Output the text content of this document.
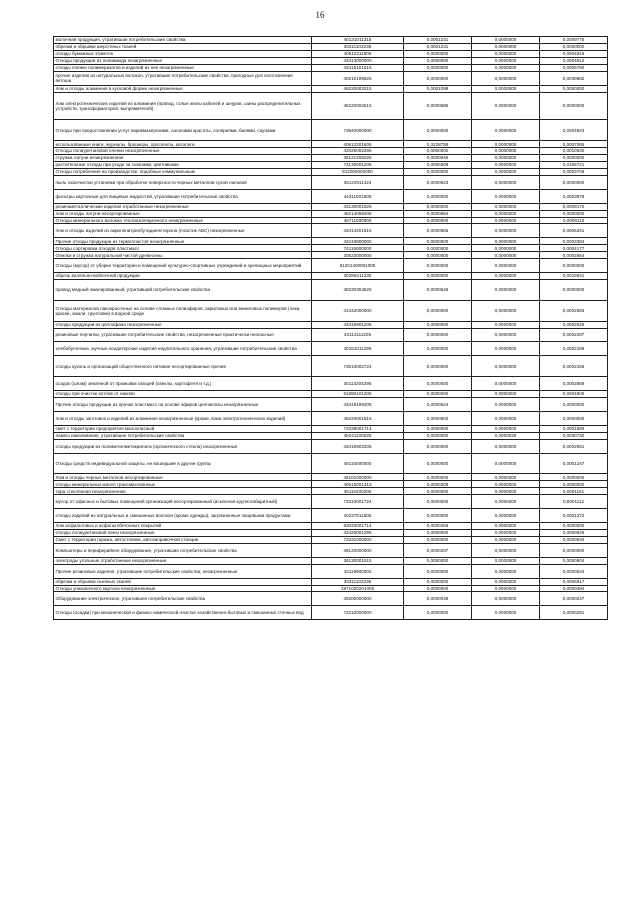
16
молочная продукция, утратившая потребительские свойства	40131011315	0,0001231	0,0000000	0,0009775
обрезки и обрывки шерстяных тканей	30311102235	0,0001231	0,0000000	0,0000000
отходы бумажных этикеток	40512211605	0,0000000	0,0000000	0,0004916
Отходы продукции из полиамида незагрязненные	43413000000	0,0000000	0,0000000	0,0004612
отходы пленки полимеризатов и изделий из нее незагрязненные	43415101515	0,0000000	0,0000000	0,0005780
прочие изделия из натуральных волокон, утратившие потребительские свойства, пригодные для изготовления ветоши	40210199625	0,0000000	0,0000000	0,0039662
лом и отходы алюминия в кусковой форме незагрязненные	46220003215	0,0001098	0,0000000	0,0000000
лом электротехнических изделий из алюминия (провод, голые жилы кабелей и шнуров, шины распределительных устройств, трансформаторов, выпрямителей)	46220002515	0,0000585	0,0000000	0,0000000
Отходы при предоставлении услуг парикмахерскими, салонами красоты, соляриями, банями, саунами	73940000000	0,0000000	0,0000000	0,0004923
использованные книги, журналы, брошюры, проспекты, каталоги	40512201605	0,3228759	0,0000000	0,0007065
Отходы полиуретановой пленки незагрязненные	43425002295	0,0000000	0,0000000	0,0010630
стружка латуни незагрязненная	36121206225	0,0000946	0,0000000	0,0000000
растительные отходы при уходе за газонами, цветниками	73130001205	0,0000308	0,0000000	0,0156721
Отходы потребления на производстве, подобные коммунальным	812000000000	0,0000000	0,0000000	0,0003706
пыль газоочистки установки при обработке поверхности черных металлов сухой лаповой	36122911424	0,0000623	0,0000000	0,0000000
фильтры картонные для пищевых жидкостей, утратившие потребительские свойства	44311001605	0,0000000	0,0000000	0,0003878
резинометаллические изделия отработанные незагрязненные	43130001525	0,0000000	0,0000000	0,0009170
лом и отходы латуни несортированные	46214059205	0,0000654	0,0000000	0,0000000
Отходы минерального волокна теплоизоляционного незагрязненные	45711000000	0,0000000	0,0000000	0,0009113
лом и отходы изделий из акрилонитрилбутадиенстирола (пластик АБС) незагрязненные	43414201515	0,0000655	0,0000000	0,0005341
Прочие отходы продукции из термопластов незагрязненные	43419900000	0,0000000	0,0000000	0,0003384
Отходы сортировки отходов пластмасс	74115000000	0,0000000	0,0000000	0,0004177
Опилки и стружка натуральной чистой древесины	30523000000	0,0000000	0,0000000	0,0002564
Отходы (мусор) от уборки территории и помещений культурно-спортивных учреждений и зрелищных мероприятий	91201400001005	0,0000000	0,0000000	0,0000000
обрезь валяльно-войлочной продукции	30299211235	0,0000000	0,0000000	0,0018841
провод медный эмалированный, утративший потребительские свойства	48230304525	0,0000546	0,0000000	0,0000000
Отходы материалов лакокрасочных на основе сложных полиэфиров, акриловых или виниловых полимеров (лаки, краски, эмали, грунтовки) в водной среде	41442000000	0,0000000	0,0000000	0,0002683
отходы продукции из целлофана незагрязненные	43419901205	0,0000000	0,0000000	0,0002525
резиновые перчатки, утратившие потребительские свойства, незагрязненные практически неопасные	43114111205	0,0000000	0,0000000	0,0002287
хлебобулочные, мучные кондитерские изделия недлительного хранения, утратившие потребительские свойства	40151011295	0,0000000	0,0000000	0,0002189
отходы кухонь и организаций общественного питания несортированные прочие	73610002724	0,0000000	0,0000000	0,0002156
осадок (шлам) земляной от промывки овощей (свеклы, картофеля и т.д.)	30113204295	0,0000000	0,0000000	0,0002859
отходы при очистке котлов от накипи	61890101205	0,0000000	0,0000000	0,0004506
Прочие отходы продукции из прочих пластмасс на основе эфиров целлюлозы незагрязненные	43419199205	0,0000524	0,0000000	0,0000000
лом и отходы заготовок и изделий из алюминия незагрязненные (кроме лома электротехнических изделий)	46220001515	0,0000502	0,0000000	0,0000000
смет с территории предприятия малоопасный	73339001714	0,0000000	0,0000000	0,0001680
лампы накаливания, утратившие потребительские свойства	48241100525	0,0000000	0,0000028	0,0030730
отходы продукции из полиметилметакрилата (органического стекла) незагрязненные	43419902205	0,0000000	0,0000000	0,0002681
Отходы средств индивидуальной защиты, не вошедшие в другие группы	49110000000	0,0000000	0,0000000	0,0001247
Лом и отходы черных металлов несортированные	46101000000	0,0000000	0,0000000	0,0000000
отходы минеральных масел трансмиссионных	40615001313	0,0000308	0,0000000	0,0000000
тара стеклянная незагрязненная	45110200205	0,0000000	0,0000000	0,0001161
мусор от офисных и бытовых помещений организаций несортированный (исключая крупногабаритный)	73310001724	0,0000000	0,0000000	0,0001112
отходы изделий из натуральных и смешанных волокон (кроме одежды), загрязненные пищевыми продуктами	40237511605	0,0000000	0,0000000	0,0001272
лом асфальтовых и асфальтобетонных покрытий	83020001714	0,0000256	0,0000000	0,0000000
отходы полиуретановой пены незагрязненные	43425001295	0,0000000	0,0000000	0,0000926
Смет с территории гаража, автостоянки, автозаправочной станции	73331000000	0,0000000	0,0000000	0,0000934
Компьютеры и периферийное оборудование, утратившие потребительские свойства	48120000000	0,0000297	0,0000000	0,0000000
электроды угольные отработанные незагрязненные	36130001515	0,0000000	0,0000000	0,0000604
Прочие резиновые изделия, утратившие потребительские свойства, незагрязненные	43119900000	0,0000000	0,0000000	0,0000534
обрезки и обрывки льняных тканей	30311102235	0,0000000	0,0000000	0,0006917
Отходы упаковочного картона незагрязненные	1871020201005	0,0000000	0,0000000	0,0000494
Оборудование электрическое, утратившее потребительские свойства	48200000000	0,0000049	0,0000000	0,0000247
Отходы (осадки) при механической и физико-химической очистке хозяйственно-бытовых и смешанных сточных вод	72210000000	0,0000000	0,0000000	0,0000291
